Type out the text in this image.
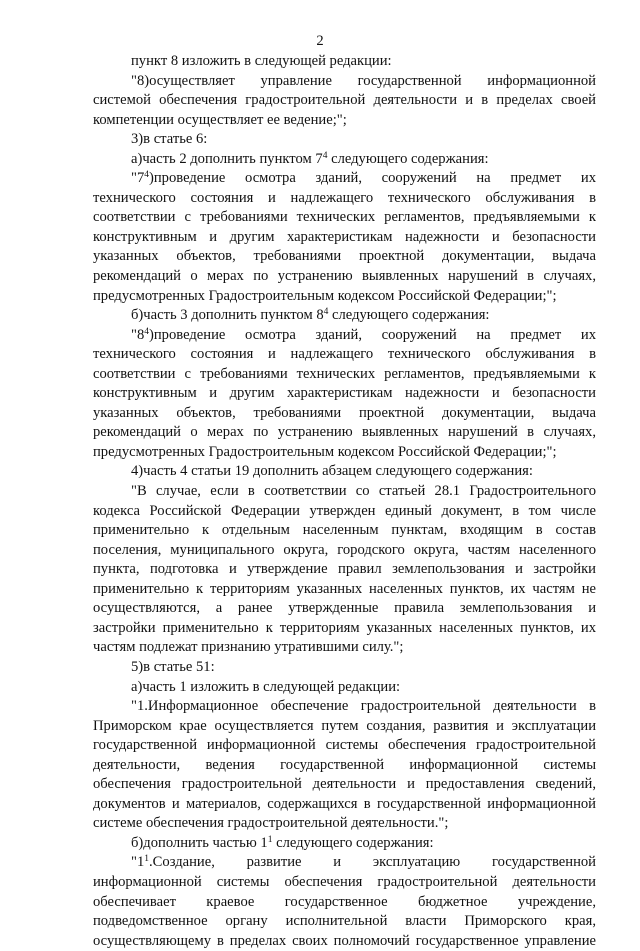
2
пункт 8 изложить в следующей редакции:
"8)осуществляет управление государственной информационной
системой обеспечения градостроительной деятельности и в пределах своей
компетенции осуществляет ее ведение;";
3)в статье 6:
а)часть 2 дополнить пунктом $7^4$ следующего содержания:
"$7^4)проведение$ осмотра зданий, сооружений на предмет их
технического состояния и надлежащего технического обслуживания в
соответствии с требованиями технических регламентов, предъявляемыми к
конструктивным и другим характеристикам надежности и безопасности
указанных объектов, требованиями проектной документации, выдача
рекомендаций о мерах по устранению выявленных нарушений в случаях,
предусмотренных Градостроительным кодексом Российской Федерации;";
б)часть 3 дополнить пунктом $8^4$ следующего содержания:
"$8^4)проведение$ осмотра зданий, сооружений на предмет их
технического состояния и надлежащего технического обслуживания в
соответствии с требованиями технических регламентов, предъявляемыми к
конструктивным и другим характеристикам надежности и безопасности
указанных объектов, требованиями проектной документации, выдача
рекомендаций о мерах по устранению выявленных нарушений в случаях,
предусмотренных Градостроительным кодексом Российской Федерации;";
4)часть 4 статьи 19 дополнить абзацем следующего содержания:
"В случае, если в соответствии со статьей 28.1 Градостроительного
кодекса Российской Федерации утвержден единый документ, в том числе
применительно к отдельным населенным пунктам, входящим в состав
поселения, муниципального округа, городского округа, частям населенного
пункта, подготовка и утверждение правил землепользования и застройки
применительно к территориям указанных населенных пунктов, их частям не
осуществляются, а ранее утвержденные правила землепользования и
застройки применительно к территориям указанных населенных пунктов, их
частям подлежат признанию утратившими силу.";
5)в статье 51:
а)часть 1 изложить в следующей редакции:
"1.Информационное обеспечение градостроительной деятельности в
Приморском крае осуществляется путем создания, развития и эксплуатации
государственной информационной системы обеспечения градостроительной
деятельности, ведения государственной информационной системы
обеспечения градостроительной деятельности и предоставления сведений,
документов и материалов, содержащихся в государственной информационной
системе обеспечения градостроительной деятельности.";
б)дополнить частью $1^1$ следующего содержания:
"$1^1.Создание$, развитие и эксплуатацию государственной
информационной системы обеспечения градостроительной деятельности
обеспечивает краевое государственное бюджетное учреждение,
подведомственное органу исполнительной власти Приморского края,
осуществляющему в пределах своих полномочий государственное управление
